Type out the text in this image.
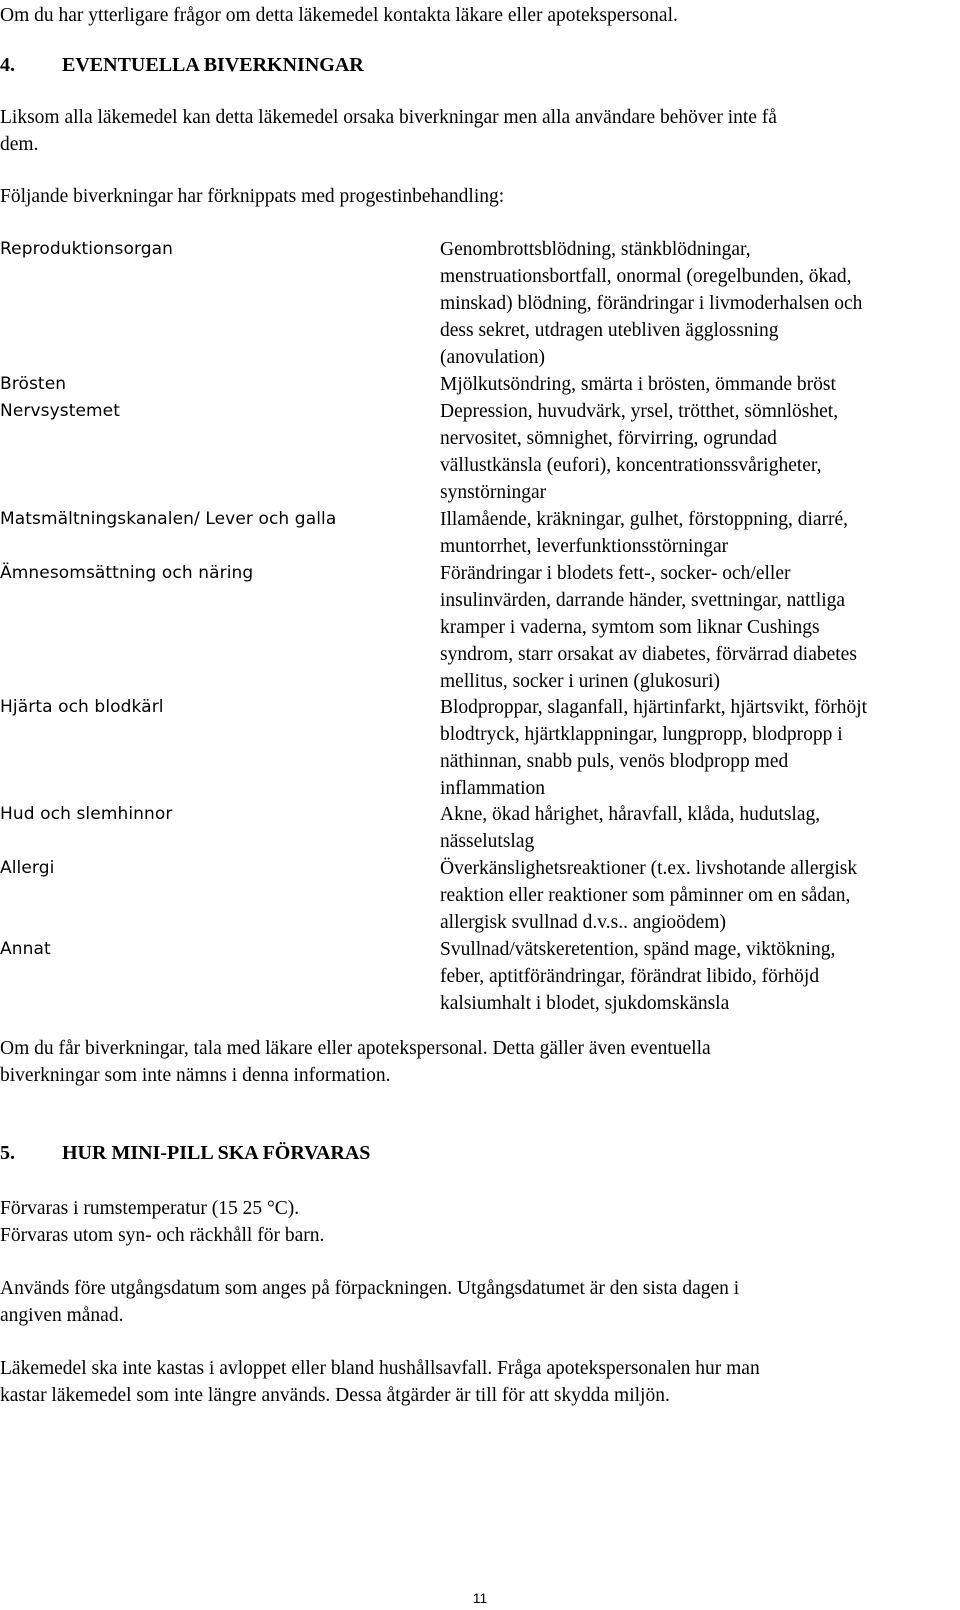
Om du har ytterligare frågor om detta läkemedel kontakta läkare eller apotekspersonal.
4. EVENTUELLA BIVERKNINGAR
Liksom alla läkemedel kan detta läkemedel orsaka biverkningar men alla användare behöver inte få
dem.
Följande biverkningar har förknippats med progestinbehandling:
Reproduktionsorgan	Genombrottsblödning, stänkblödningar,
menstruationsbortfall, onormal (oregelbunden, ökad,
minskad) blödning, förändringar i livmoderhalsen och
dess sekret, utdragen utebliven ägglossning
(anovulation)
Brösten	Mjölkutsöndring, smärta i brösten, ömmande bröst
Nervsystemet	Depression, huvudvärk, yrsel, trötthet, sömnlöshet,
nervositet, sömnighet, förvirring, ogrundad
vällustkänsla (eufori), koncentrationssvårigheter,
synstörningar
Matsmältningskanalen/ Lever och galla	Illamående, kräkningar, gulhet, förstoppning, diarré,
muntorrhet, leverfunktionsstörningar
Ämnesomsättning och näring	Förändringar i blodets fett-, socker- och/eller
insulinvärden, darrande händer, svettningar, nattliga
kramper i vaderna, symtom som liknar Cushings
syndrom, starr orsakat av diabetes, förvärrad diabetes
mellitus, socker i urinen (glukosuri)
Hjärta och blodkärl	Blodproppar, slaganfall, hjärtinfarkt, hjärtsvikt, förhöjt
blodtryck, hjärtklappningar, lungpropp, blodpropp i
näthinnan, snabb puls, venös blodpropp med
inflammation
Hud och slemhinnor	Akne, ökad hårighet, håravfall, klåda, hudutslag,
nässelutslag
Allergi	Överkänslighetsreaktioner (t.ex. livshotande allergisk
reaktion eller reaktioner som påminner om en sådan,
allergisk svullnad d.v.s.. angioödem)
Annat	Svullnad/vätskeretention, spänd mage, viktökning,
feber, aptitförändringar, förändrat libido, förhöjd
kalsiumhalt i blodet, sjukdomskänsla
Om du får biverkningar, tala med läkare eller apotekspersonal. Detta gäller även eventuella
biverkningar som inte nämns i denna information.
5. HUR MINI-PILL SKA FÖRVARAS
Förvaras i rumstemperatur (15 25 °C).
Förvaras utom syn- och räckhåll för barn.
Används före utgångsdatum som anges på förpackningen. Utgångsdatumet är den sista dagen i
angiven månad.
Läkemedel ska inte kastas i avloppet eller bland hushållsavfall. Fråga apotekspersonalen hur man
kastar läkemedel som inte längre används. Dessa åtgärder är till för att skydda miljön.
11
